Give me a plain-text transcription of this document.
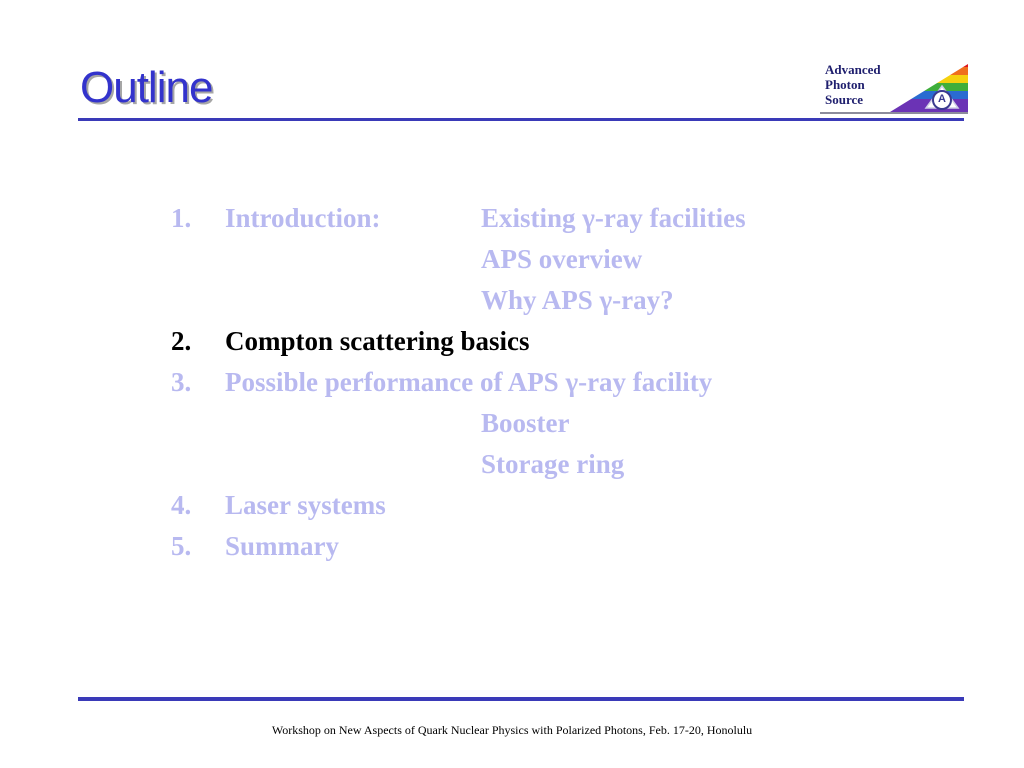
Outline	Advanced
Photon
Source	A
1. Introduction:	Existing γ-ray facilities
APS overview
Why APS γ-ray?
2. Compton scattering basics
3. Possible performance of APS γ-ray facility
Booster
Storage ring
4. Laser systems
5. Summary
Workshop on New Aspects of Quark Nuclear Physics with Polarized Photons, Feb. 17-20, Honolulu
